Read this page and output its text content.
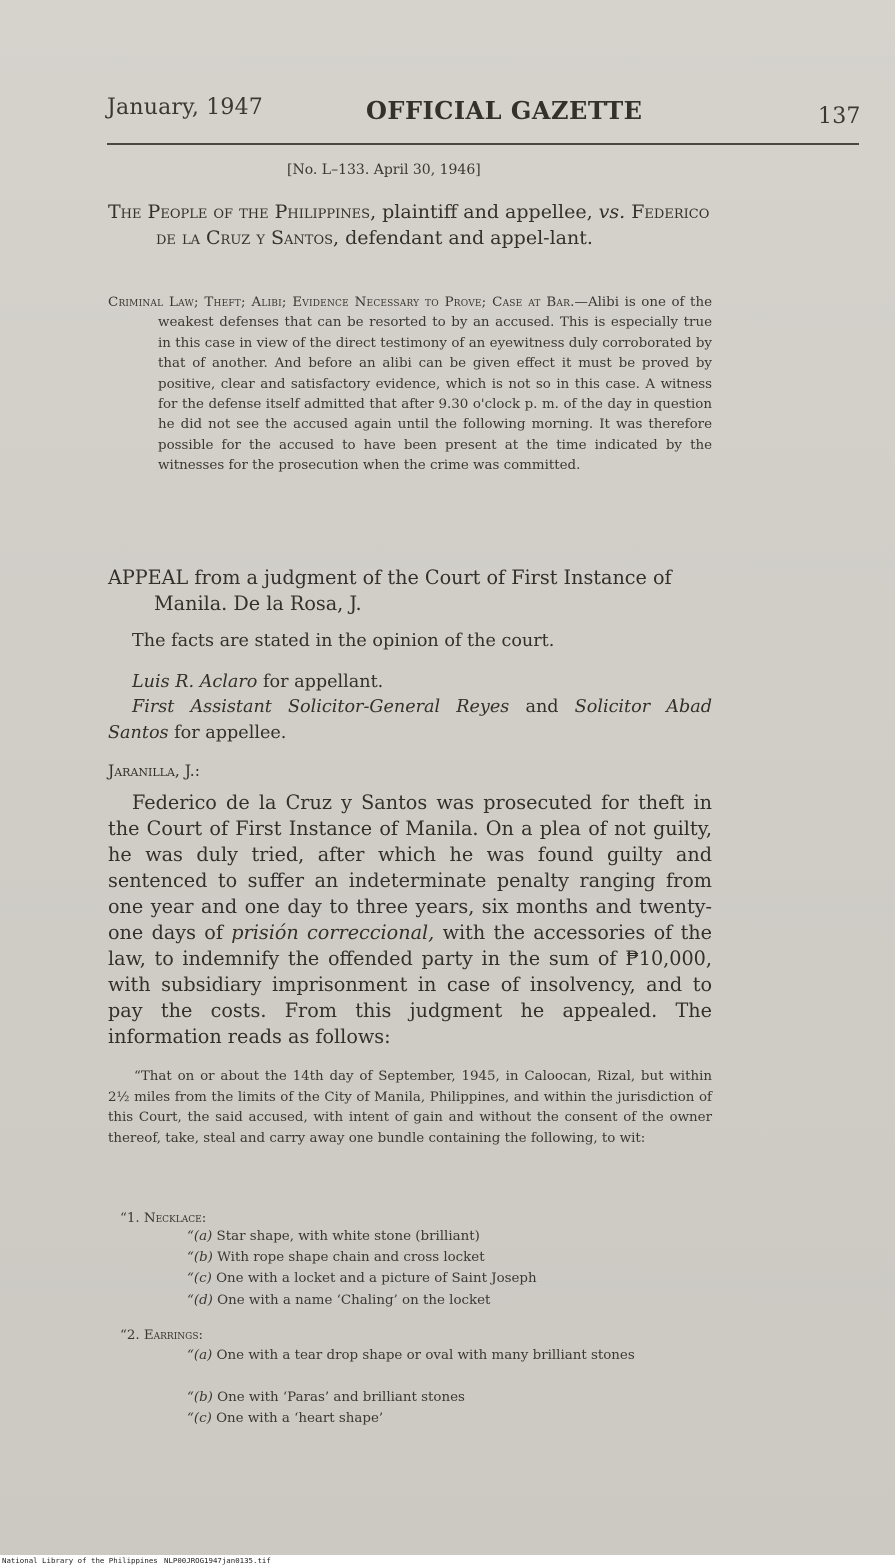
January, 1947	OFFICIAL GAZETTE	137
[No. L–133. April 30, 1946]
The People of the Philippines, plaintiff and appellee, vs. Federico de la Cruz y Santos, defendant and appel-lant.
Criminal Law; Theft; Alibi; Evidence Necessary to Prove; Case at Bar.—Alibi is one of the weakest defenses that can be resorted to by an accused. This is especially true in this case in view of the direct testimony of an eyewitness duly corroborated by that of another. And before an alibi can be given effect it must be proved by positive, clear and satisfactory evidence, which is not so in this case. A witness for the defense itself admitted that after 9.30 o'clock p. m. of the day in question he did not see the accused again until the following morning. It was therefore possible for the accused to have been present at the time indicated by the witnesses for the prosecution when the crime was committed.
APPEAL from a judgment of the Court of First Instance of Manila. De la Rosa, J.
The facts are stated in the opinion of the court.
Luis R. Aclaro for appellant.
First Assistant Solicitor-General Reyes and Solicitor Abad Santos for appellee.
Jaranilla, J.:
Federico de la Cruz y Santos was prosecuted for theft in the Court of First Instance of Manila. On a plea of not guilty, he was duly tried, after which he was found guilty and sentenced to suffer an indeterminate penalty ranging from one year and one day to three years, six months and twenty-one days of prisión correccional, with the accessories of the law, to indemnify the offended party in the sum of ₱10,000, with subsidiary imprisonment in case of insolvency, and to pay the costs. From this judgment he appealed. The information reads as follows:
“That on or about the 14th day of September, 1945, in Caloocan, Rizal, but within 2½ miles from the limits of the City of Manila, Philippines, and within the jurisdiction of this Court, the said accused, with intent of gain and without the consent of the owner thereof, take, steal and carry away one bundle containing the following, to wit:
“1. Necklace:
“(a) Star shape, with white stone (brilliant)
“(b) With rope shape chain and cross locket
“(c) One with a locket and a picture of Saint Joseph
“(d) One with a name ‘Chaling’ on the locket
“2. Earrings:
“(a) One with a tear drop shape or oval with many brilliant stones
“(b) One with ‘Paras’ and brilliant stones
“(c) One with a ‘heart shape’
National Library of the Philippines NLP00JROG1947jan0135.tif
